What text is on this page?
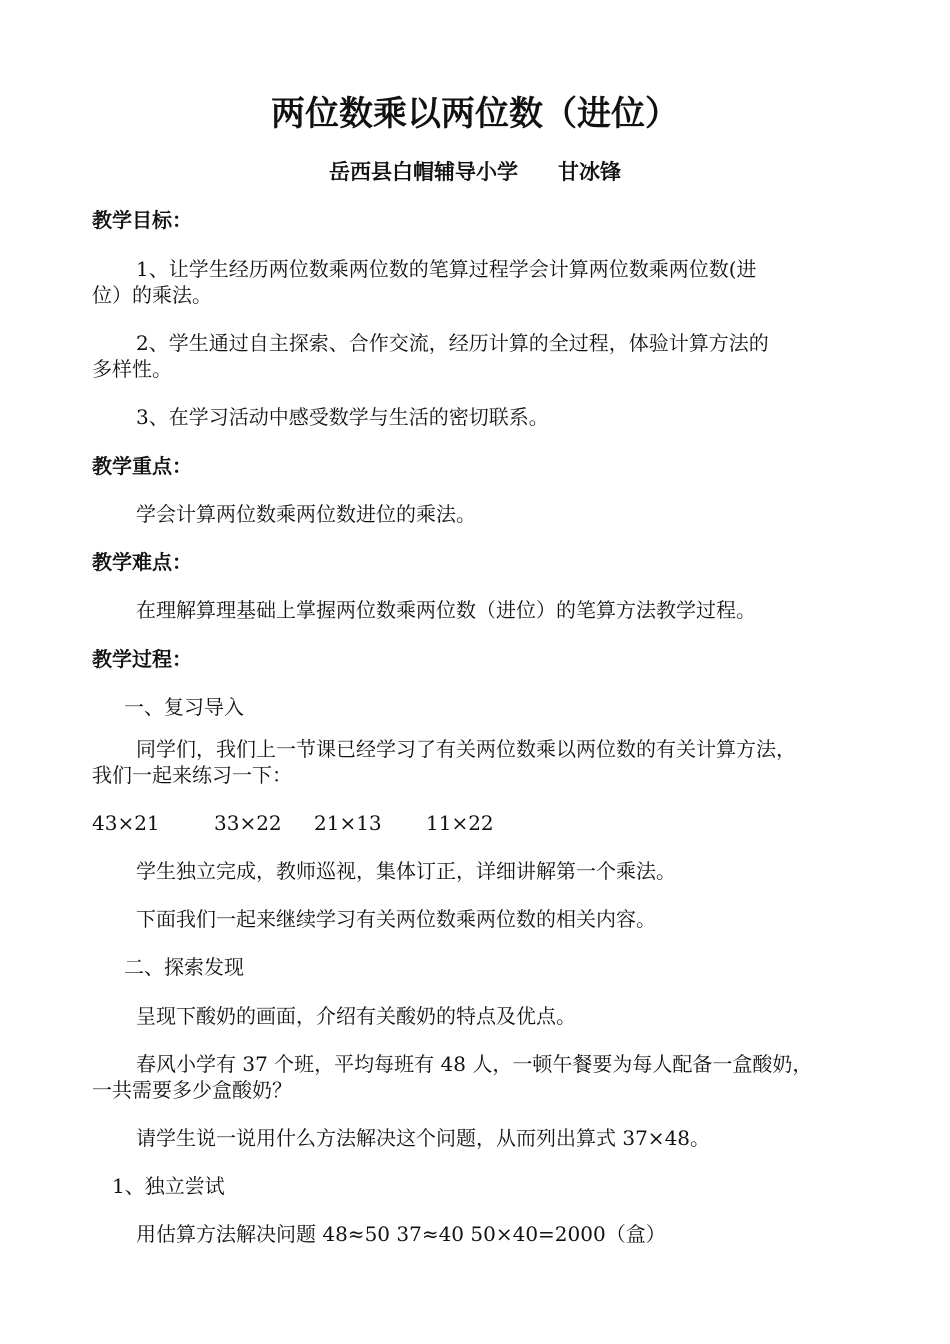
两位数乘以两位数（进位）
岳西县白帽辅导小学 甘冰锋
教学目标：
1、让学生经历两位数乘两位数的笔算过程学会计算两位数乘两位数(进
位）的乘法。
2、学生通过自主探索、合作交流，经历计算的全过程，体验计算方法的
多样性。
3、在学习活动中感受数学与生活的密切联系。
教学重点：
学会计算两位数乘两位数进位的乘法。
教学难点：
在理解算理基础上掌握两位数乘两位数（进位）的笔算方法教学过程。
教学过程：
一、复习导入
同学们，我们上一节课已经学习了有关两位数乘以两位数的有关计算方法，
我们一起来练习一下：
43×21	33×22 21×13 11×22
学生独立完成，教师巡视，集体订正，详细讲解第一个乘法。
下面我们一起来继续学习有关两位数乘两位数的相关内容。
二、探索发现
呈现下酸奶的画面，介绍有关酸奶的特点及优点。
春风小学有 37 个班，平均每班有 48 人，一顿午餐要为每人配备一盒酸奶，
一共需要多少盒酸奶？
请学生说一说用什么方法解决这个问题，从而列出算式 37×48。
1、独立尝试
用估算方法解决问题 48≈50 37≈40 50×40=2000（盒）
